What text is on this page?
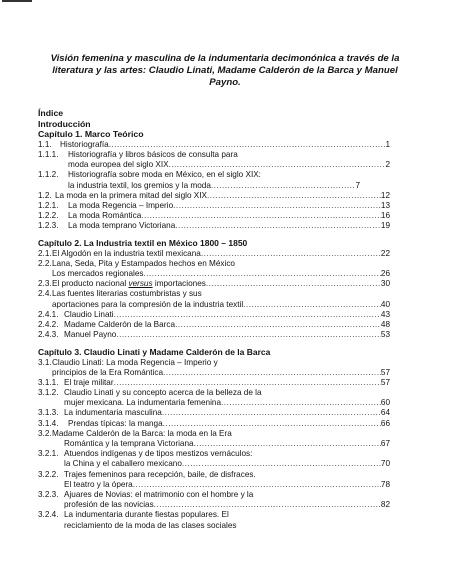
Visión femenina y masculina de la indumentaria decimonónica a través de la
literatura y las artes: Claudio Linati, Madame Calderón de la Barca y Manuel
Payno.
Índice
Introducción
Capítulo 1. Marco Teórico
1.1. Historiografía .....	1
1.1.1. Historiografía y libros básicos de consulta para
moda europea del siglo XIX .....	2
1.1.2. Historiografía sobre moda en México, en el siglo XIX:
la industria textil, los gremios y la moda .....	7
1.2. La moda en la primera mitad del siglo XIX .....	12
1.2.1. La moda Regencia – Imperio .....	13
1.2.2. La moda Romántica .....	16
1.2.3. La moda temprano Victoriana .....	19
Capítulo 2. La Industria textil en México 1800 – 1850
2.1. El Algodón en la industria textil mexicana .....	22
2.2. Lana, Seda, Pita y Estampados hechos en México
Los mercados regionales .....	26
2.3. El producto nacional versus importaciones .....	30
2.4. Las fuentes literarias costumbristas y sus
aportaciones para la compresión de la industria textil .....	40
2.4.1. Claudio Linati .....	43
2.4.2. Madame Calderón de la Barca .....	48
2.4.3. Manuel Payno .....	53
Capítulo 3. Claudio Linati y Madame Calderón de la Barca
3.1. Claudio Linati: La moda Regencia – Imperio y
principios de la Era Romántica .....	57
3.1.1. El traje militar .....	57
3.1.2. Claudio Linati y su concepto acerca de la belleza de la
mujer mexicana. La indumentaria femenina .....	60
3.1.3. La indumentaria masculina .....	64
3.1.4. Prendas típicas: la manga .....	66
3.2. Madame Calderón de la Barca: la moda en la Era
Romántica y la temprana Victoriana .....	67
3.2.1. Atuendos indígenas y de tipos mestizos vernáculos:
la China y el caballero mexicano .....	70
3.2.2. Trajes femeninos para recepción, baile, de disfraces.
El teatro y la ópera .....	78
3.2.3. Ajuares de Novias: el matrimonio con el hombre y la
profesión de las novicias .....	82
3.2.4. La indumentaria durante fiestas populares. El
reciclamiento de la moda de las clases sociales
